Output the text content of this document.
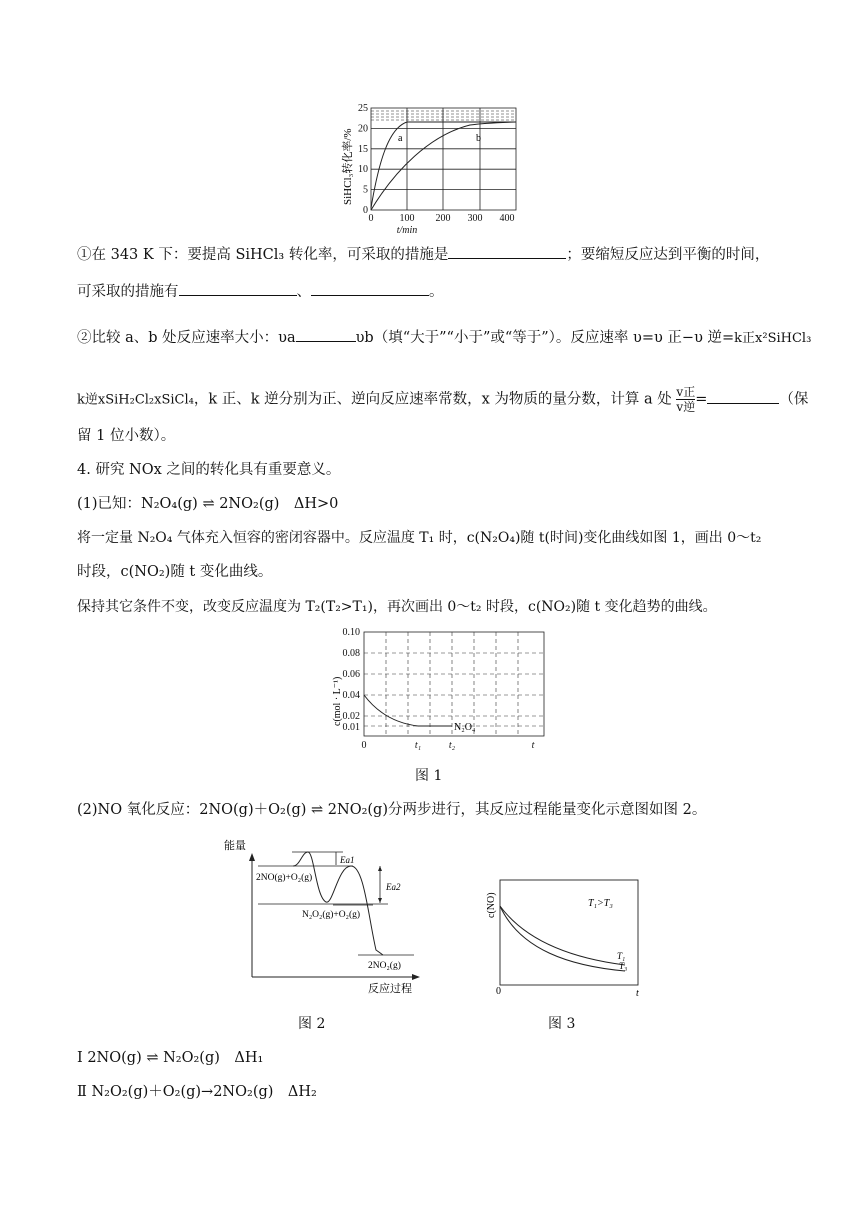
25
20
15
10
5
0
0	100 200 300 400
t/min
a	b
SiHCl₃转化率/%
①在 343 K 下：要提高 SiHCl₃ 转化率，可采取的措施是	；要缩短反应达到平衡的时间，
可采取的措施有	、	。
②比较 a、b 处反应速率大小：υa	υb（填“大于”“小于”或“等于”）。反应速率 υ=υ 正−υ 逆=k正x²SiHCl₃
k逆xSiH₂Cl₂xSiCl₄，k 正、k 逆分别为正、逆向反应速率常数，x 为物质的量分数，计算 a 处 v正
v逆 =	（保
留 1 位小数）。
4. 研究 NOx 之间的转化具有重要意义。
(1)已知：N₂O₄(g) ⇌ 2NO₂(g)　ΔH>0
将一定量 N₂O₄ 气体充入恒容的密闭容器中。反应温度 T₁ 时，c(N₂O₄)随 t(时间)变化曲线如图 1，画出 0～t₂
时段，c(NO₂)随 t 变化曲线。
保持其它条件不变，改变反应温度为 T₂(T₂>T₁)，再次画出 0～t₂ 时段，c(NO₂)随 t 变化趋势的曲线。
0.10
0.08
0.06
0.04
0.02
0.01
0	t₁	t₂	t
N₂O₄
c(mol · L⁻¹)
图 1
(2)NO 氧化反应：2NO(g)＋O₂(g) ⇌ 2NO₂(g)分两步进行，其反应过程能量变化示意图如图 2。
能量
反应过程
2NO(g)+O₂(g)
N₂O₂(g)+O₂(g)
2NO₂(g)
Ea1
Ea2
图 2
c(NO)	T₁>T₃
T₁
T₃
0	t
图 3
Ⅰ 2NO(g) ⇌ N₂O₂(g)　ΔH₁
Ⅱ N₂O₂(g)＋O₂(g)→2NO₂(g)　ΔH₂
